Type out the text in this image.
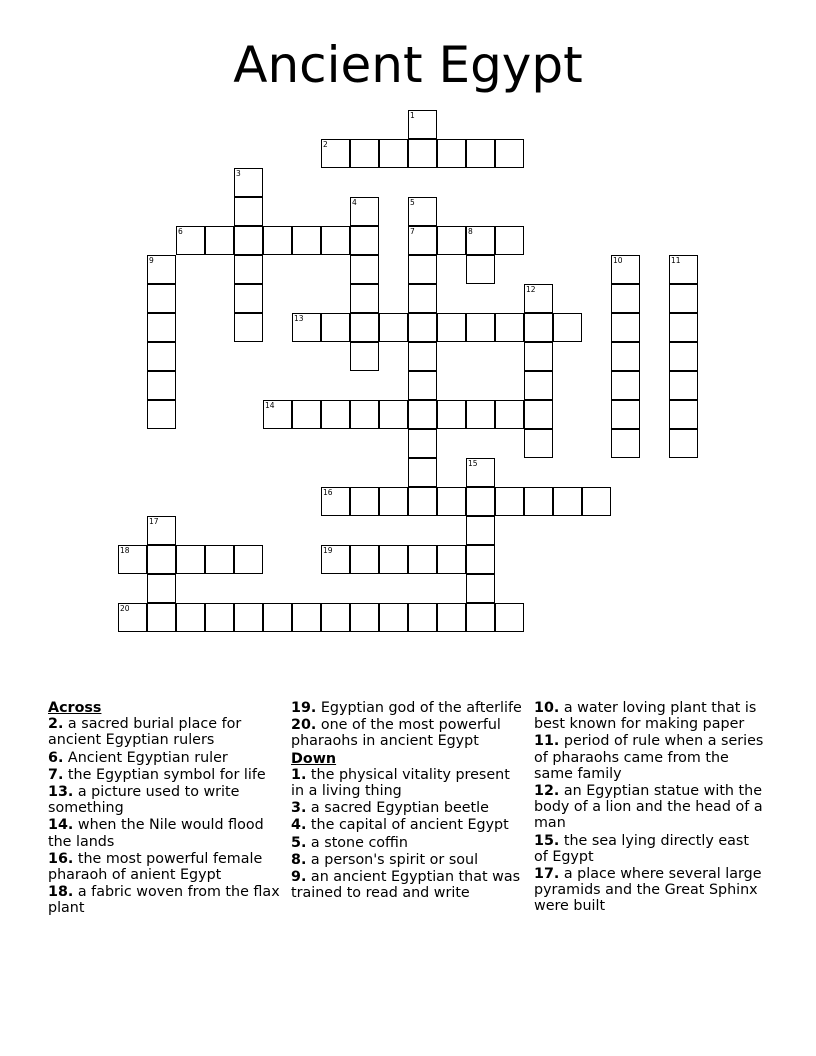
Ancient Egypt
1
2
3
4	5
6	7	8
9	10	11
12
13
14
15
16
17
18	19
20

Across

2. a sacred burial place for ancient Egyptian rulers

6. Ancient Egyptian ruler

7. the Egyptian symbol for life

13. a picture used to write something

14. when the Nile would flood the lands

16. the most powerful female pharaoh of anient Egypt

18. a fabric woven from the flax plant

19. Egyptian god of the afterlife

20. one of the most powerful pharaohs in ancient Egypt

Down

1. the physical vitality present in a living thing

3. a sacred Egyptian beetle

4. the capital of ancient Egypt

5. a stone coffin

8. a person's spirit or soul

9. an ancient Egyptian that was trained to read and write

10. a water loving plant that is best known for making paper

11. period of rule when a series of pharaohs came from the same family

12. an Egyptian statue with the body of a lion and the head of a man

15. the sea lying directly east of Egypt

17. a place where several large pyramids and the Great Sphinx were built
